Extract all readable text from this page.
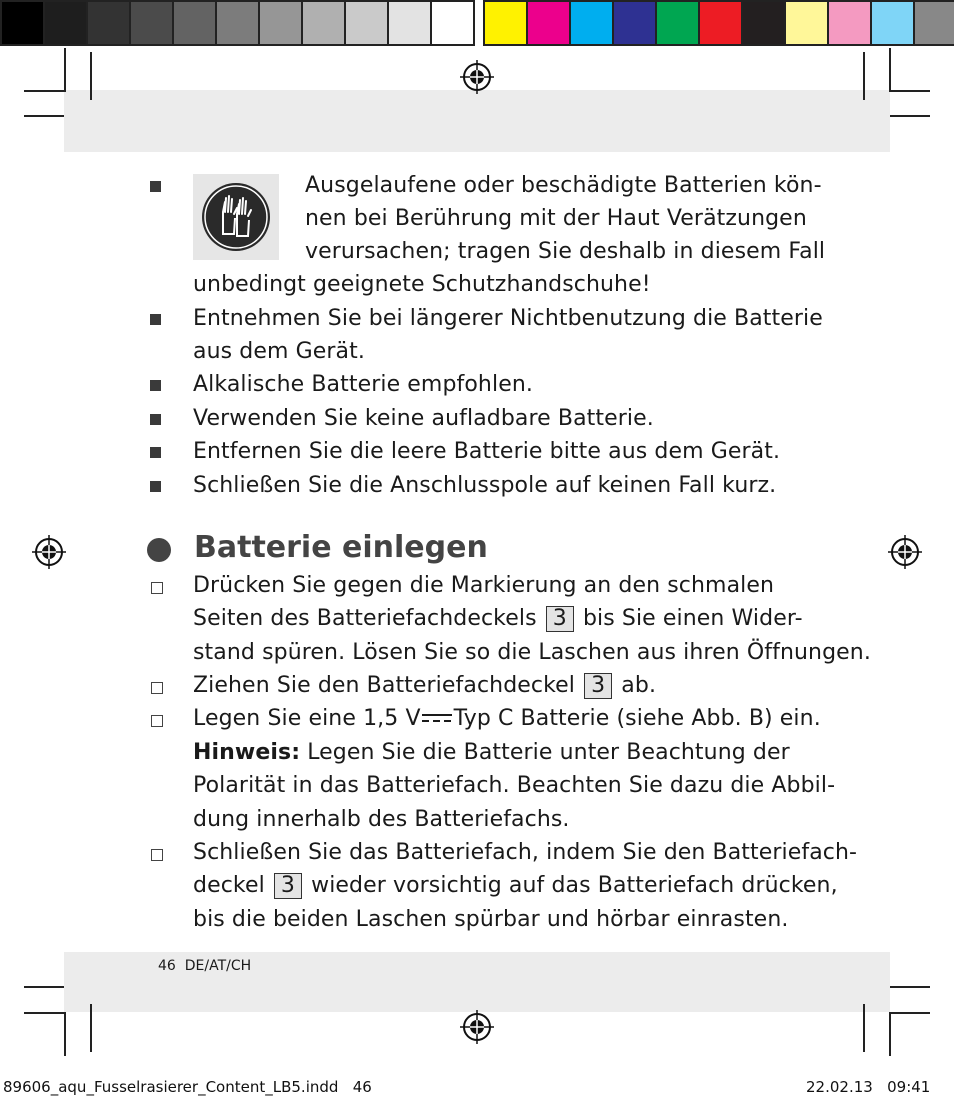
Ausgelaufene oder beschädigte Batterien kön-
nen bei Berührung mit der Haut Verätzungen
verursachen; tragen Sie deshalb in diesem Fall
unbedingt geeignete Schutzhandschuhe!
Entnehmen Sie bei längerer Nichtbenutzung die Batterie
aus dem Gerät.
Alkalische Batterie empfohlen.
Verwenden Sie keine aufladbare Batterie.
Entfernen Sie die leere Batterie bitte aus dem Gerät.
Schließen Sie die Anschlusspole auf keinen Fall kurz.
Batterie einlegen
Drücken Sie gegen die Markierung an den schmalen
Seiten des Batteriefachdeckels 3 bis Sie einen Wider-
stand spüren. Lösen Sie so die Laschen aus ihren Öffnungen.
Ziehen Sie den Batteriefachdeckel 3 ab.
Legen Sie eine 1,5 V Typ C Batterie (siehe Abb. B) ein.
Hinweis: Legen Sie die Batterie unter Beachtung der
Polarität in das Batteriefach. Beachten Sie dazu die Abbil-
dung innerhalb des Batteriefachs.
Schließen Sie das Batteriefach, indem Sie den Batteriefach-
deckel 3 wieder vorsichtig auf das Batteriefach drücken,
bis die beiden Laschen spürbar und hörbar einrasten.
46 DE/AT/CH
89606_aqu_Fusselrasierer_Content_LB5.indd 46	22.02.13 09:41
